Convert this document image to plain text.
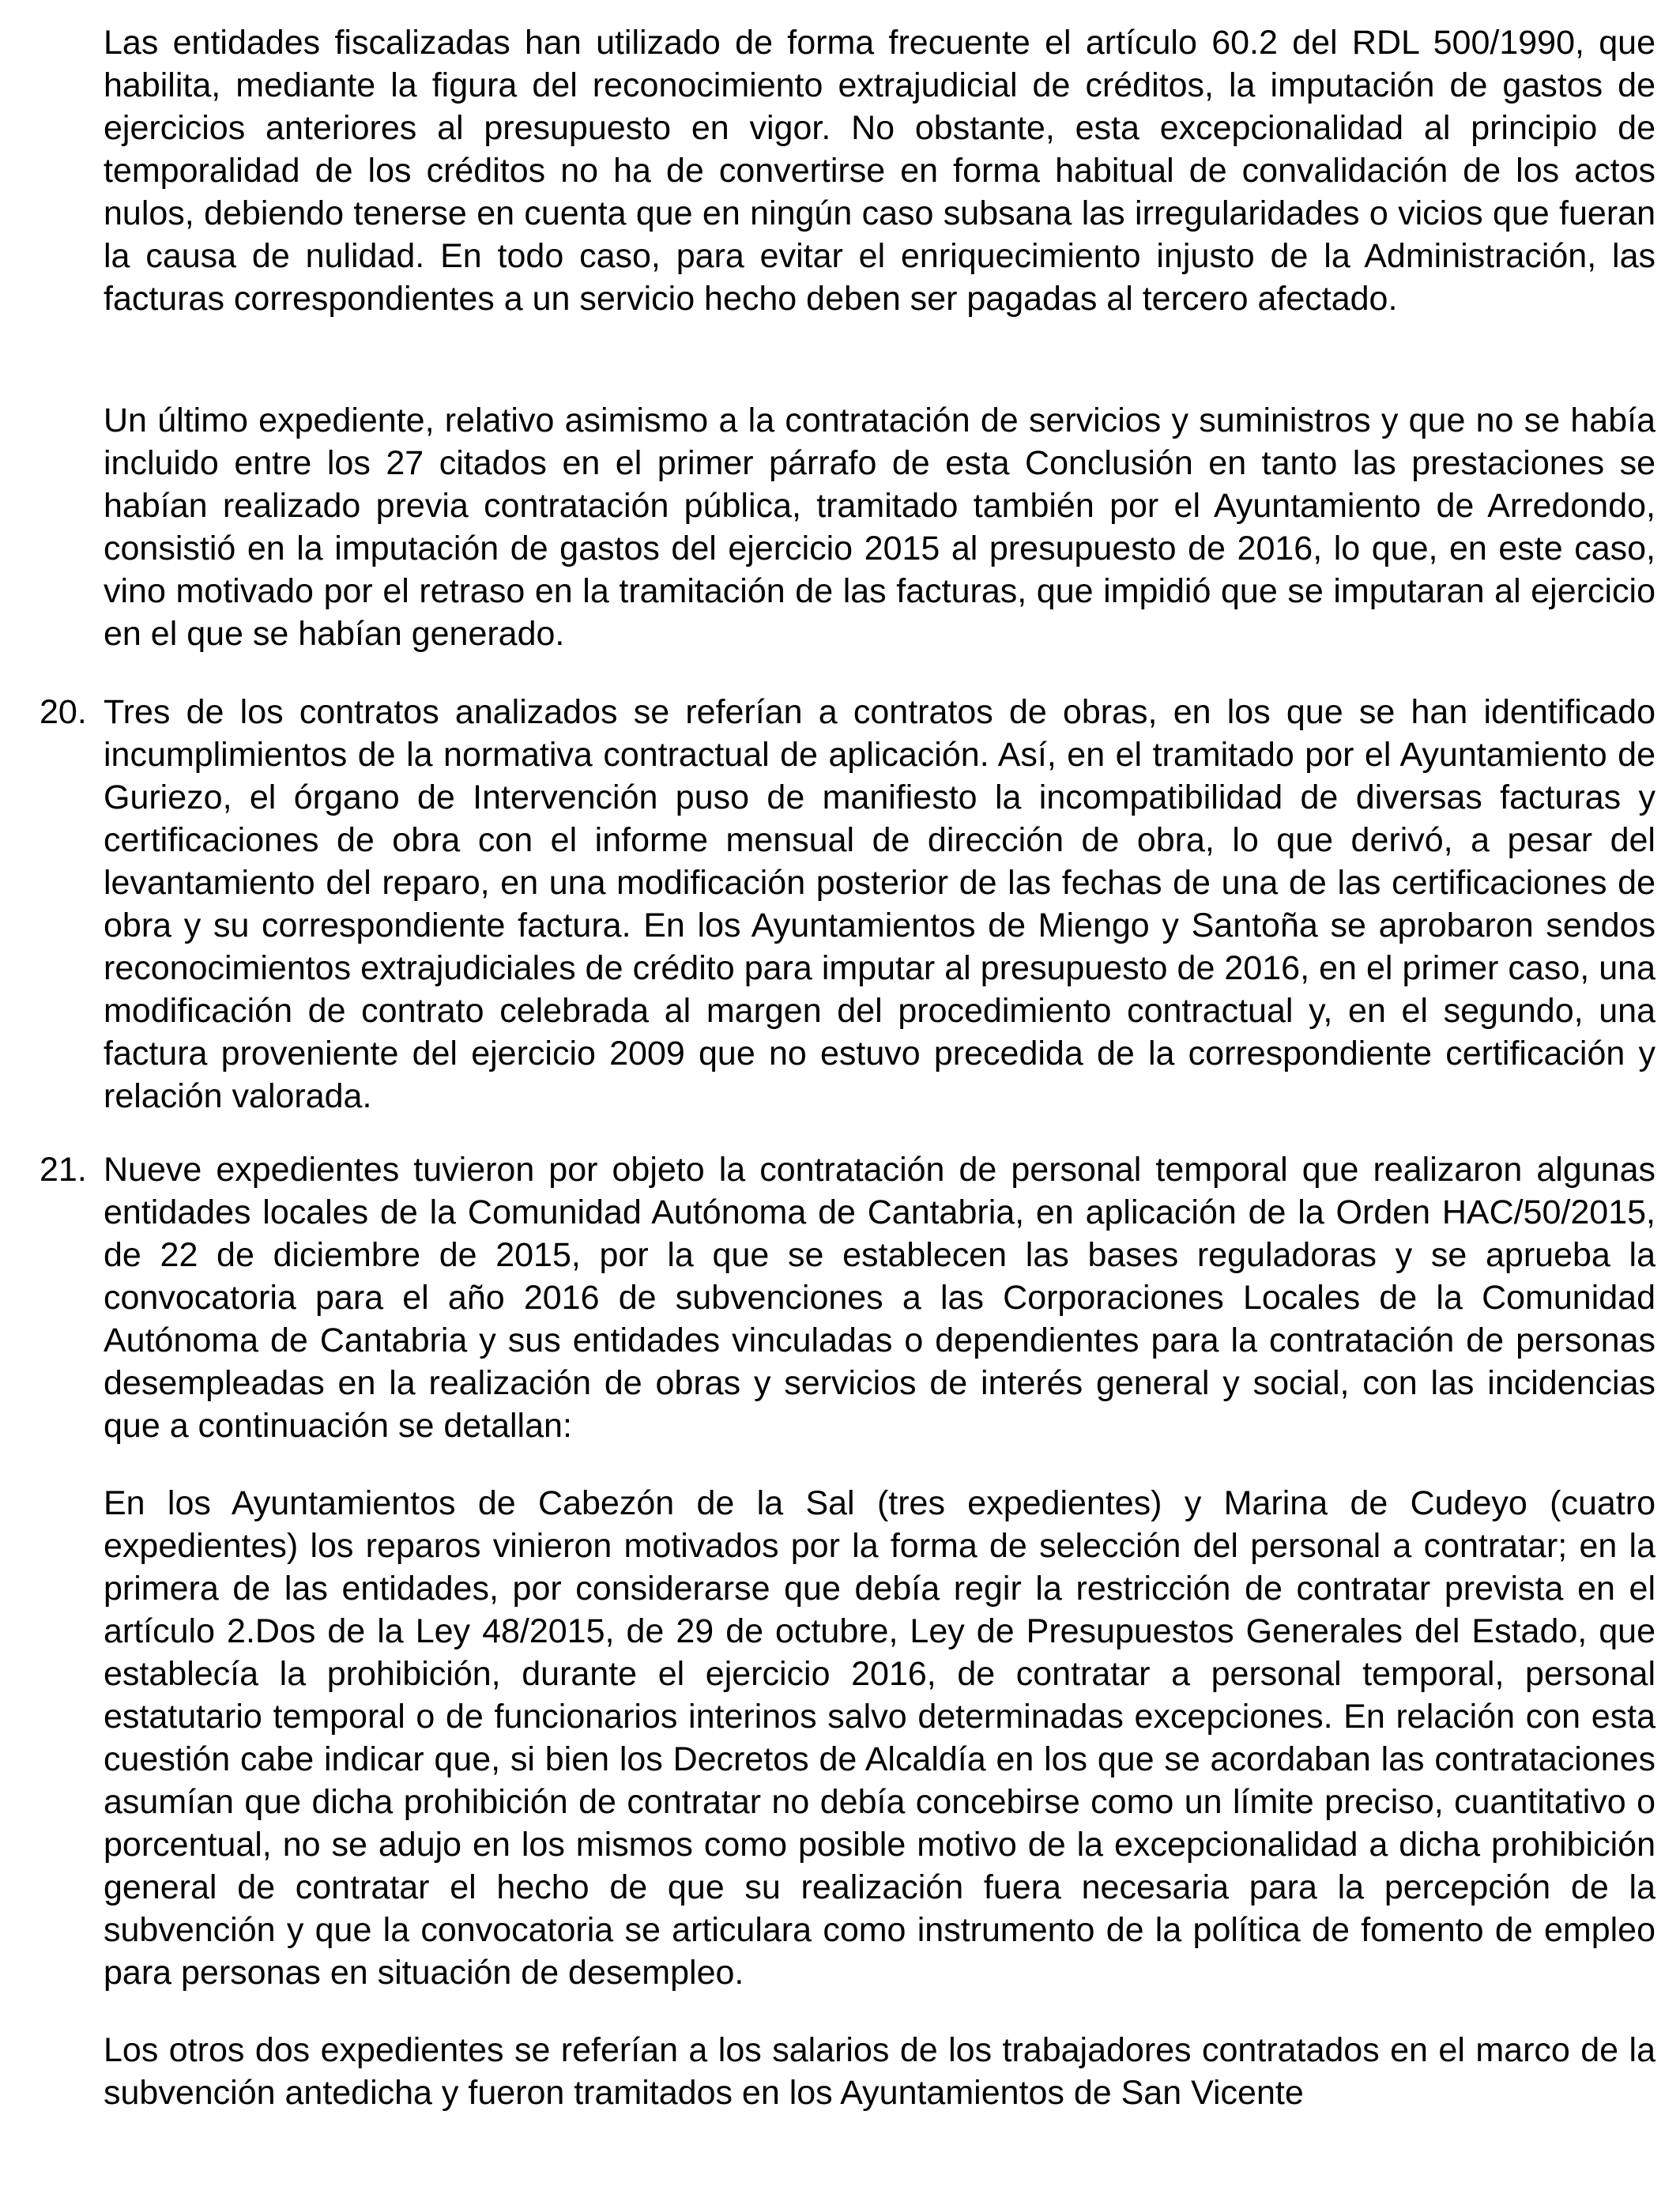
Las entidades fiscalizadas han utilizado de forma frecuente el artículo 60.2 del RDL 500/1990, que habilita, mediante la figura del reconocimiento extrajudicial de créditos, la imputación de gastos de ejercicios anteriores al presupuesto en vigor. No obstante, esta excepcionalidad al principio de temporalidad de los créditos no ha de convertirse en forma habitual de convalidación de los actos nulos, debiendo tenerse en cuenta que en ningún caso subsana las irregularidades o vicios que fueran la causa de nulidad. En todo caso, para evitar el enriquecimiento injusto de la Administración, las facturas correspondientes a un servicio hecho deben ser pagadas al tercero afectado.

Un último expediente, relativo asimismo a la contratación de servicios y suministros y que no se había incluido entre los 27 citados en el primer párrafo de esta Conclusión en tanto las prestaciones se habían realizado previa contratación pública, tramitado también por el Ayuntamiento de Arredondo, consistió en la imputación de gastos del ejercicio 2015 al presupuesto de 2016, lo que, en este caso, vino motivado por el retraso en la tramitación de las facturas, que impidió que se imputaran al ejercicio en el que se habían generado.

20. Tres de los contratos analizados se referían a contratos de obras, en los que se han identificado incumplimientos de la normativa contractual de aplicación. Así, en el tramitado por el Ayuntamiento de Guriezo, el órgano de Intervención puso de manifiesto la incompatibilidad de diversas facturas y certificaciones de obra con el informe mensual de dirección de obra, lo que derivó, a pesar del levantamiento del reparo, en una modificación posterior de las fechas de una de las certificaciones de obra y su correspondiente factura. En los Ayuntamientos de Miengo y Santoña se aprobaron sendos reconocimientos extrajudiciales de crédito para imputar al presupuesto de 2016, en el primer caso, una modificación de contrato celebrada al margen del procedimiento contractual y, en el segundo, una factura proveniente del ejercicio 2009 que no estuvo precedida de la correspondiente certificación y relación valorada.

21. Nueve expedientes tuvieron por objeto la contratación de personal temporal que realizaron algunas entidades locales de la Comunidad Autónoma de Cantabria, en aplicación de la Orden HAC/50/2015, de 22 de diciembre de 2015, por la que se establecen las bases reguladoras y se aprueba la convocatoria para el año 2016 de subvenciones a las Corporaciones Locales de la Comunidad Autónoma de Cantabria y sus entidades vinculadas o dependientes para la contratación de personas desempleadas en la realización de obras y servicios de interés general y social, con las incidencias que a continuación se detallan:

En los Ayuntamientos de Cabezón de la Sal (tres expedientes) y Marina de Cudeyo (cuatro expedientes) los reparos vinieron motivados por la forma de selección del personal a contratar; en la primera de las entidades, por considerarse que debía regir la restricción de contratar prevista en el artículo 2.Dos de la Ley 48/2015, de 29 de octubre, Ley de Presupuestos Generales del Estado, que establecía la prohibición, durante el ejercicio 2016, de contratar a personal temporal, personal estatutario temporal o de funcionarios interinos salvo determinadas excepciones. En relación con esta cuestión cabe indicar que, si bien los Decretos de Alcaldía en los que se acordaban las contrataciones asumían que dicha prohibición de contratar no debía concebirse como un límite preciso, cuantitativo o porcentual, no se adujo en los mismos como posible motivo de la excepcionalidad a dicha prohibición general de contratar el hecho de que su realización fuera necesaria para la percepción de la subvención y que la convocatoria se articulara como instrumento de la política de fomento de empleo para personas en situación de desempleo.

Los otros dos expedientes se referían a los salarios de los trabajadores contratados en el marco de la subvención antedicha y fueron tramitados en los Ayuntamientos de San Vicente
